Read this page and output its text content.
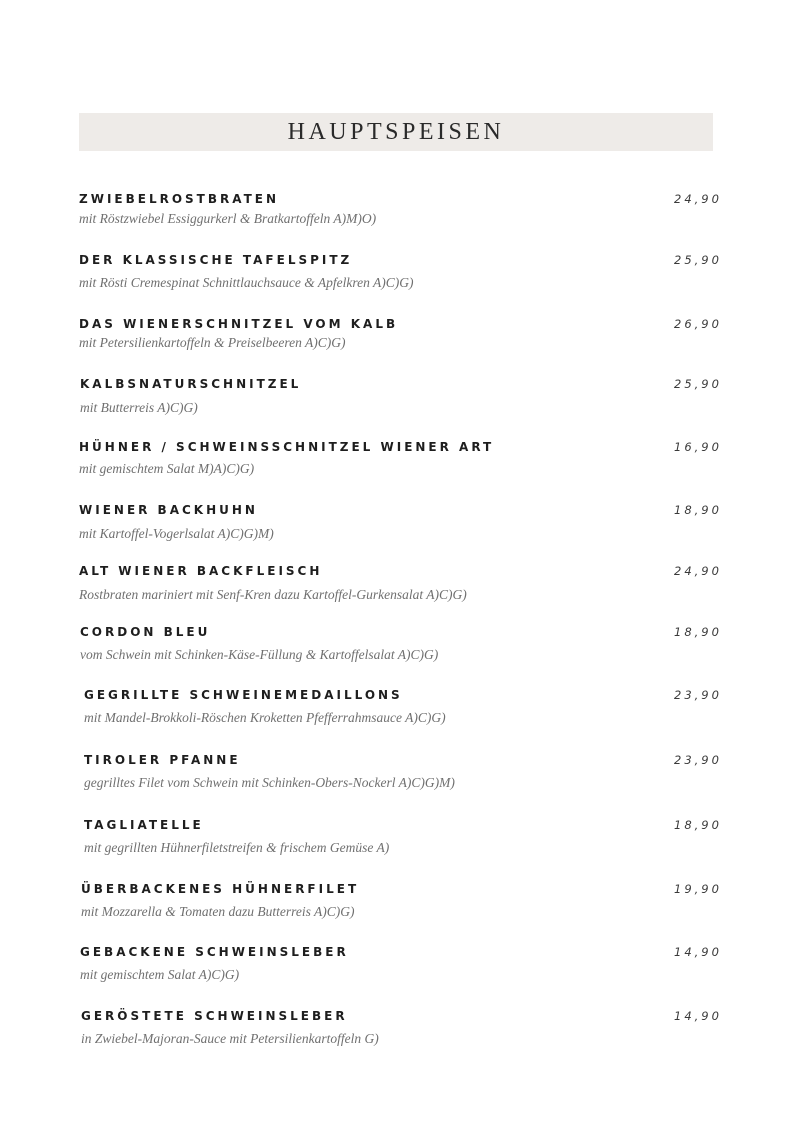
HAUPTSPEISEN
ZWIEBELROSTBRATEN
mit Röstzwiebel Essiggurkerl & Bratkartoffeln A)M)O)
24,90
DER KLASSISCHE TAFELSPITZ
mit Rösti Cremespinat Schnittlauchsauce & Apfelkren A)C)G)
25,90
DAS WIENERSCHNITZEL VOM KALB
mit Petersilienkartoffeln & Preiselbeeren A)C)G)
26,90
KALBSNATURSCHNITZEL
mit Butterreis A)C)G)
25,90
HÜHNER / SCHWEINSSCHNITZEL WIENER ART
mit gemischtem Salat M)A)C)G)
16,90
WIENER BACKHUHN
mit Kartoffel-Vogerlsalat A)C)G)M)
18,90
ALT WIENER BACKFLEISCH
Rostbraten mariniert mit Senf-Kren dazu Kartoffel-Gurkensalat A)C)G)
24,90
CORDON BLEU
vom Schwein mit Schinken-Käse-Füllung & Kartoffelsalat A)C)G)
18,90
GEGRILLTE SCHWEINEMEDAILLONS
mit Mandel-Brokkoli-Röschen Kroketten Pfefferrahmsauce A)C)G)
23,90
TIROLER PFANNE
gegrilltes Filet vom Schwein mit Schinken-Obers-Nockerl A)C)G)M)
23,90
TAGLIATELLE
mit gegrillten Hühnerfiletstreifen & frischem Gemüse A)
18,90
ÜBERBACKENES HÜHNERFILET
mit Mozzarella & Tomaten dazu Butterreis A)C)G)
19,90
GEBACKENE SCHWEINSLEBER
mit gemischtem Salat A)C)G)
14,90
GERÖSTETE SCHWEINSLEBER
in Zwiebel-Majoran-Sauce mit Petersilienkartoffeln G)
14,90
